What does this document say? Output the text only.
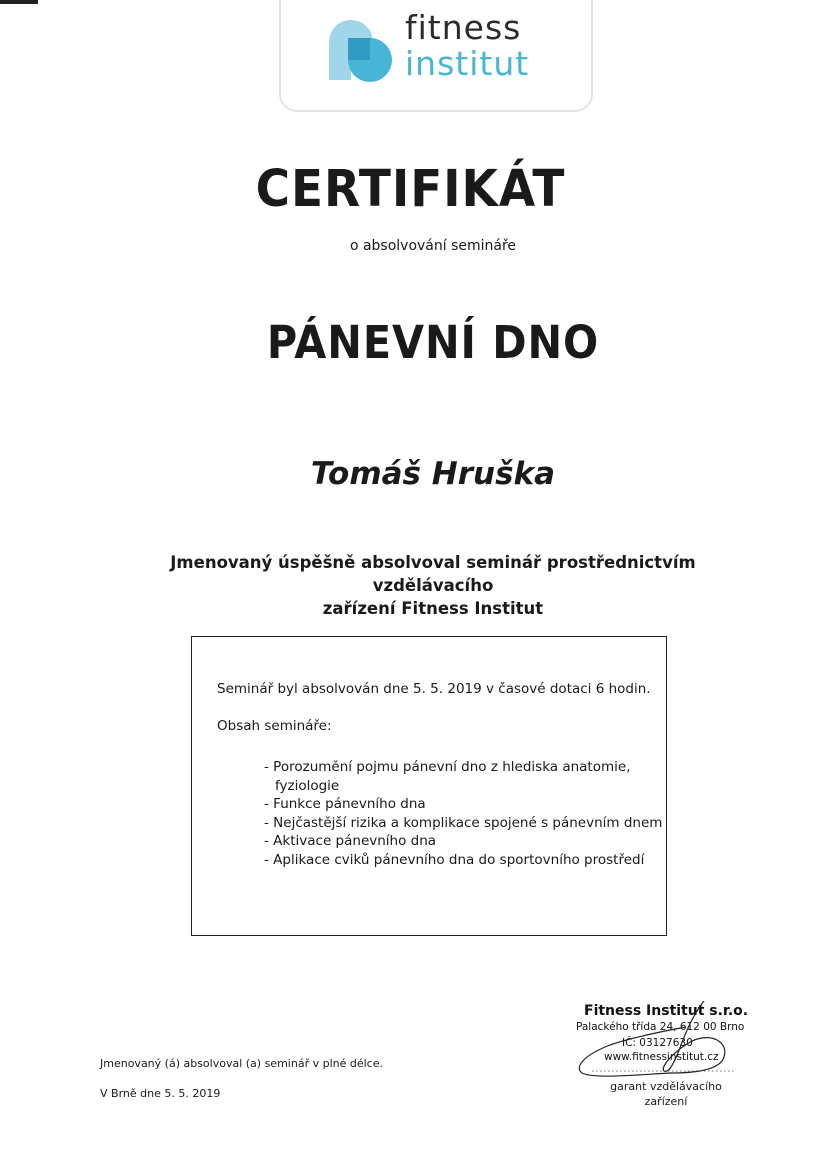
fitness
institut
CERTIFIKÁT
o absolvování semináře
PÁNEVNÍ DNO
Tomáš Hruška
Jmenovaný úspěšně absolvoval seminář prostřednictvím vzdělávacího
zařízení Fitness Institut
Seminář byl absolvován dne 5. 5. 2019 v časové dotaci 6 hodin.
Obsah semináře:
- Porozumění pojmu pánevní dno z hlediska anatomie, fyziologie
- Funkce pánevního dna
- Nejčastější rizika a komplikace spojené s pánevním dnem
- Aktivace pánevního dna
- Aplikace cviků pánevního dna do sportovního prostředí
Jmenovaný (á) absolvoval (a) seminář v plné délce.
V Brně dne 5. 5. 2019
Fitness Institut s.r.o.
Palackého třída 24, 612 00 Brno
IČ: 03127630
www.fitnessinstitut.cz
garant vzdělávacího
zařízení
